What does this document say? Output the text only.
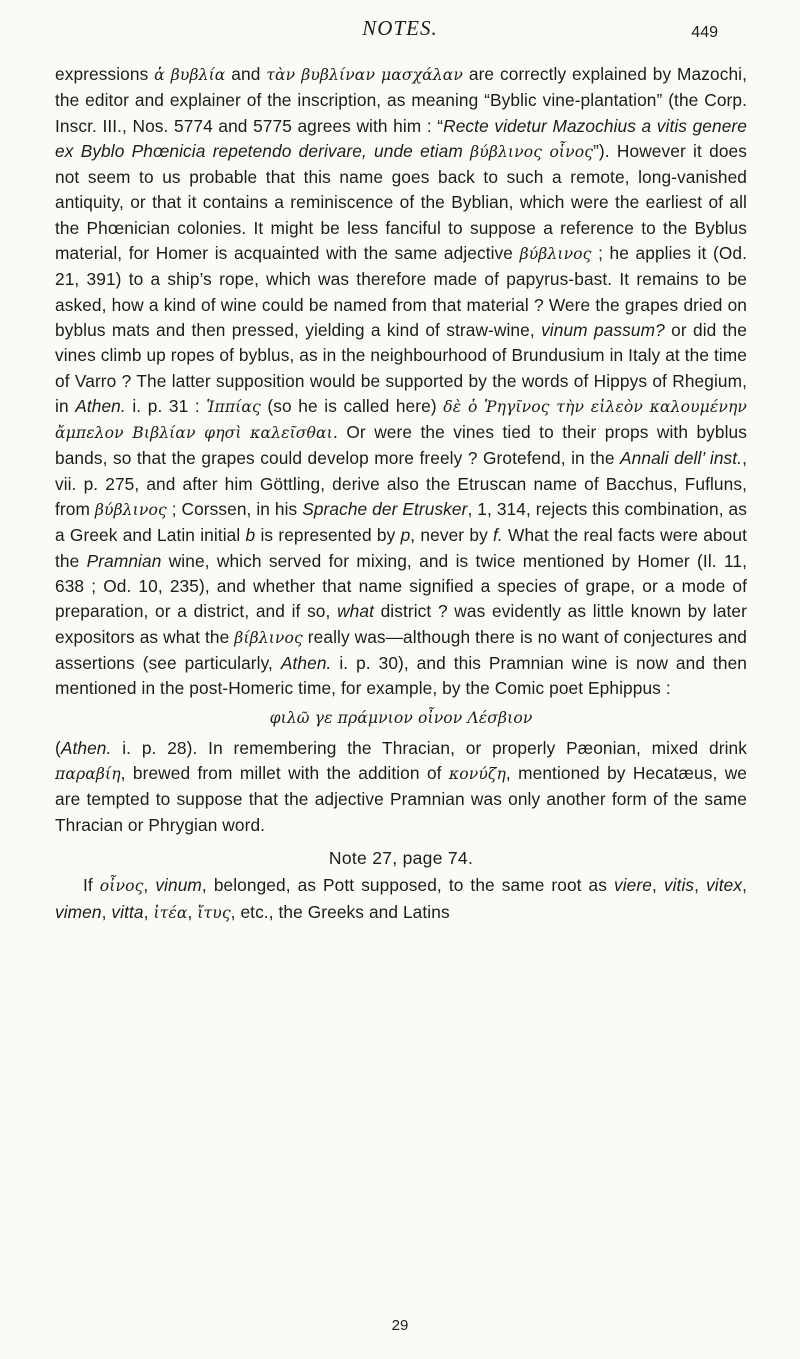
NOTES.	449

expressions ἁ βυβλία and τὰν βυβλίναν μασχάλαν are correctly explained by Mazochi, the editor and explainer of the inscription, as meaning “Byblic vine-plantation” (the Corp. Inscr. III., Nos. 5774 and 5775 agrees with him : “Recte videtur Mazochius a vitis genere ex Byblo Phœnicia repetendo derivare, unde etiam βύβλινος οἶνος”). However it does not seem to us probable that this name goes back to such a remote, long-vanished antiquity, or that it contains a reminiscence of the Byblian, which were the earliest of all the Phœnician colonies. It might be less fanciful to suppose a reference to the Byblus material, for Homer is acquainted with the same adjective βύβλινος ; he applies it (Od. 21, 391) to a ship’s rope, which was therefore made of papyrus-bast. It remains to be asked, how a kind of wine could be named from that material ? Were the grapes dried on byblus mats and then pressed, yielding a kind of straw-wine, vinum passum? or did the vines climb up ropes of byblus, as in the neighbourhood of Brundusium in Italy at the time of Varro ? The latter supposition would be supported by the words of Hippys of Rhegium, in Athen. i. p. 31 : Ἱππίας (so he is called here) δὲ ὁ Ῥηγῖνος τὴν εἰλεὸν καλουμένην ἄμπελον Βιβλίαν φησὶ καλεῖσθαι. Or were the vines tied to their props with byblus bands, so that the grapes could develop more freely ? Grotefend, in the Annali dell’ inst., vii. p. 275, and after him Göttling, derive also the Etruscan name of Bacchus, Fufluns, from βύβλινος ; Corssen, in his Sprache der Etrusker, 1, 314, rejects this combination, as a Greek and Latin initial b is represented by p, never by f. What the real facts were about the Pramnian wine, which served for mixing, and is twice mentioned by Homer (Il. 11, 638 ; Od. 10, 235), and whether that name signified a species of grape, or a mode of preparation, or a district, and if so, what district ? was evidently as little known by later expositors as what the βίβλινος really was—although there is no want of conjectures and assertions (see particularly, Athen. i. p. 30), and this Pramnian wine is now and then mentioned in the post-Homeric time, for example, by the Comic poet Ephippus :

φιλῶ γε πράμνιον οἶνον Λέσβιον

(Athen. i. p. 28). In remembering the Thracian, or properly Pæonian, mixed drink παραβίη, brewed from millet with the addition of κονύζη, mentioned by Hecatæus, we are tempted to suppose that the adjective Pramnian was only another form of the same Thracian or Phrygian word.

Note 27, page 74.

If οἶνος, vinum, belonged, as Pott supposed, to the same root as viere, vitis, vitex, vimen, vitta, ἰτέα, ἴτυς, etc., the Greeks and Latins

29
